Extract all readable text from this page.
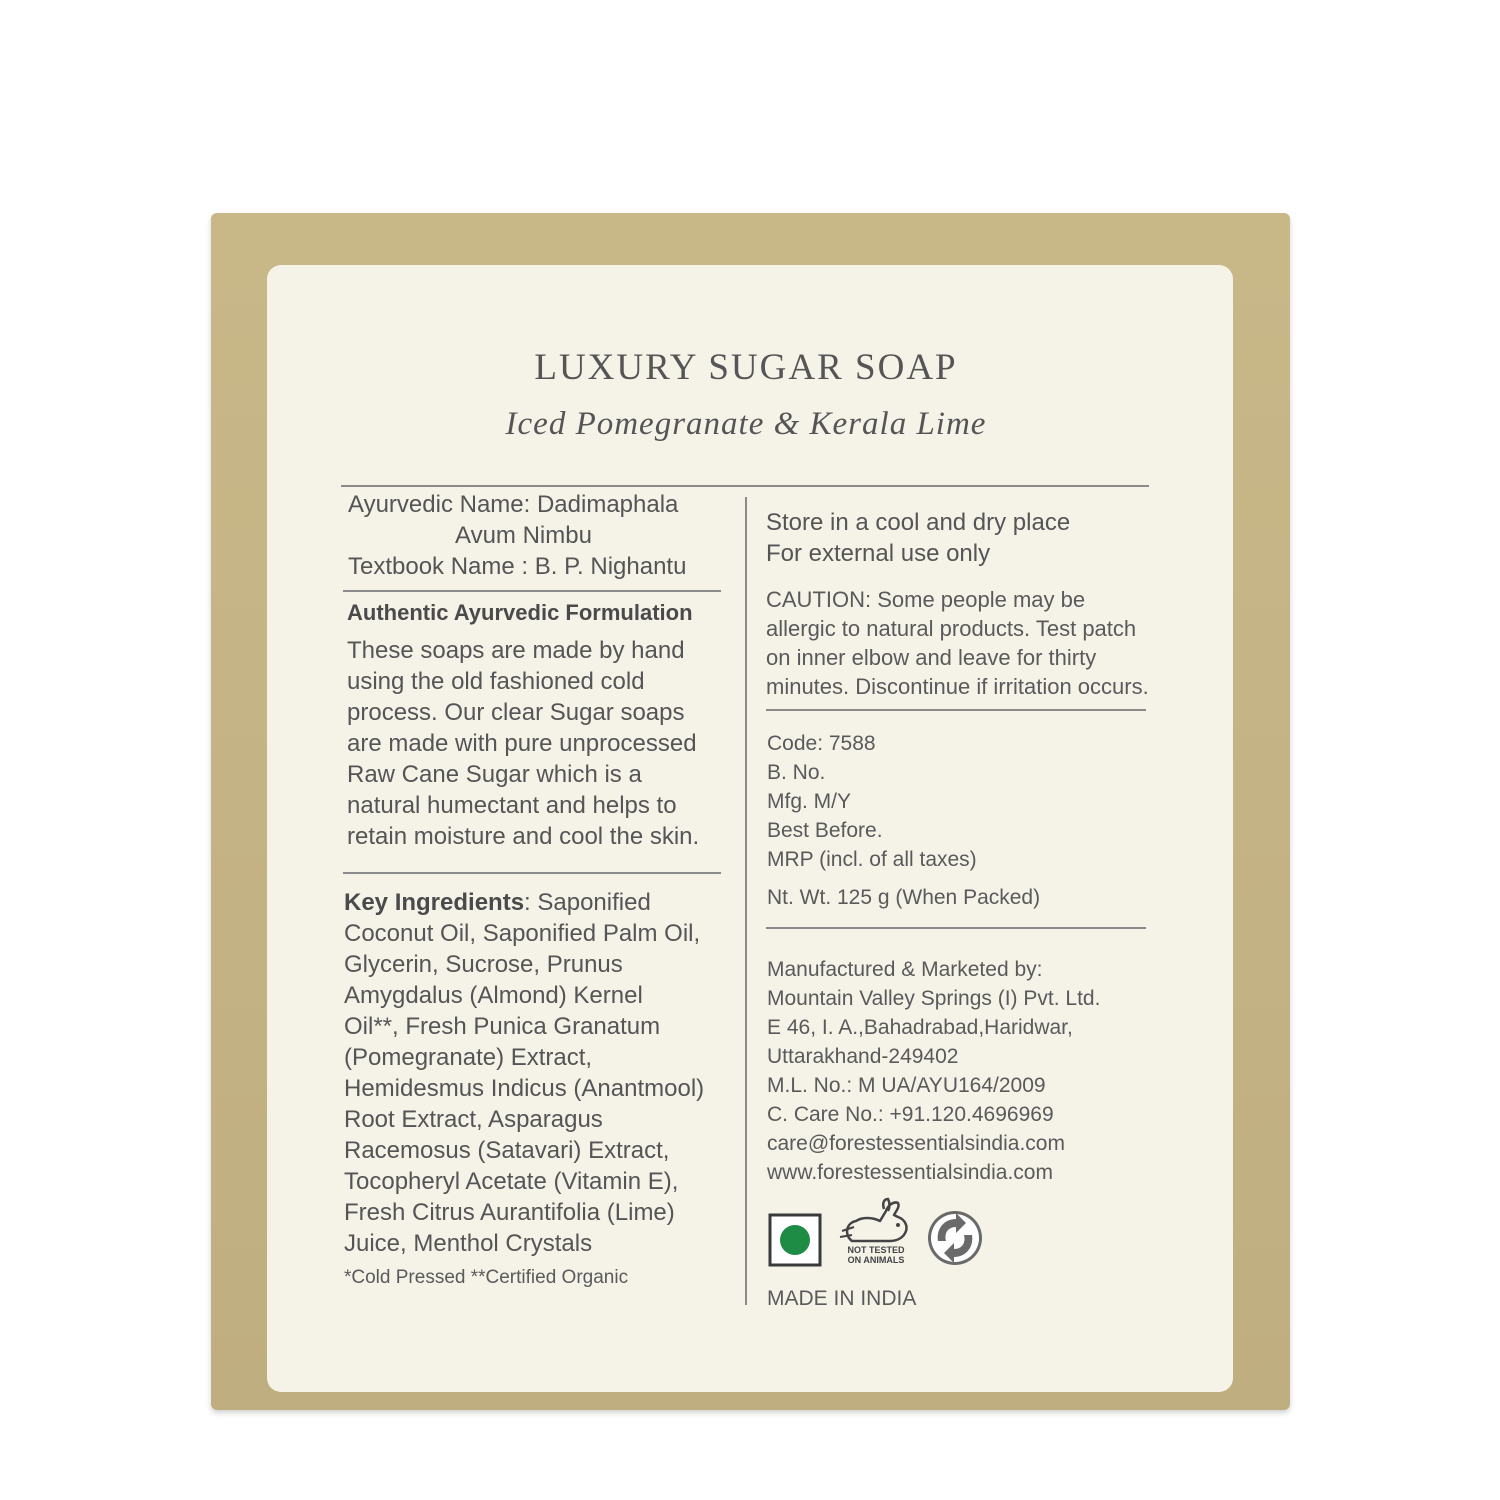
LUXURY SUGAR SOAP
Iced Pomegranate & Kerala Lime
Ayurvedic Name: Dadimaphala
Avum Nimbu
Textbook Name : B. P. Nighantu
Authentic Ayurvedic Formulation
These soaps are made by hand
using the old fashioned cold
process. Our clear Sugar soaps
are made with pure unprocessed
Raw Cane Sugar which is a
natural humectant and helps to
retain moisture and cool the skin.
Key Ingredients: Saponified
Coconut Oil, Saponified Palm Oil,
Glycerin, Sucrose, Prunus
Amygdalus (Almond) Kernel
Oil**, Fresh Punica Granatum
(Pomegranate) Extract,
Hemidesmus Indicus (Anantmool)
Root Extract, Asparagus
Racemosus (Satavari) Extract,
Tocopheryl Acetate (Vitamin E),
Fresh Citrus Aurantifolia (Lime)
Juice, Menthol Crystals
*Cold Pressed **Certified Organic
Store in a cool and dry place
For external use only
CAUTION: Some people may be
allergic to natural products. Test patch
on inner elbow and leave for thirty
minutes. Discontinue if irritation occurs.
Code: 7588
B. No.
Mfg. M/Y
Best Before.
MRP (incl. of all taxes)
Nt. Wt. 125 g (When Packed)
Manufactured & Marketed by:
Mountain Valley Springs (I) Pvt. Ltd.
E 46, I. A.,Bahadrabad,Haridwar,
Uttarakhand-249402
M.L. No.: M UA/AYU164/2009
C. Care No.: +91.120.4696969
care@forestessentialsindia.com
www.forestessentialsindia.com
NOT TESTED
ON ANIMALS
MADE IN INDIA
